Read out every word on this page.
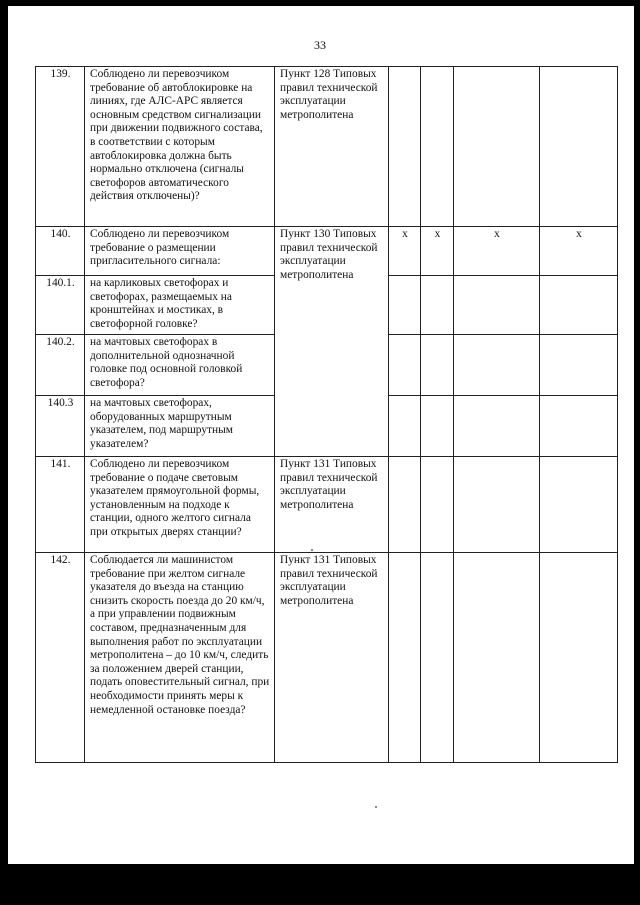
33
139.	Соблюдено ли перевозчиком требование об автоблокировке на линиях, где АЛС-АРС является основным средством сигнализации при движении подвижного состава, в соответствии с которым автоблокировка должна быть нормально отключена (сигналы светофоров автоматического действия отключены)?	Пункт 128 Типовых правил технической эксплуатации метрополитена				
140.	Соблюдено ли перевозчиком требование о размещении пригласительного сигнала:	Пункт 130 Типовых правил технической эксплуатации метрополитена	x	x	x	x
140.1.	на карликовых светофорах и светофорах, размещаемых на кронштейнах и мостиках, в светофорной головке?					
140.2.	на мачтовых светофорах в дополнительной однозначной головке под основной головкой светофора?					
140.3	на мачтовых светофорах, оборудованных маршрутным указателем, под маршрутным указателем?					
141.	Соблюдено ли перевозчиком требование о подаче световым указателем прямоугольной формы, установленным на подходе к станции, одного желтого сигнала при открытых дверях станции?	Пункт 131 Типовых правил технической эксплуатации метрополитена				
142.	Соблюдается ли машинистом требование при желтом сигнале указателя до въезда на станцию снизить скорость поезда до 20 км/ч, а при управлении подвижным составом, предназначенным для выполнения работ по эксплуатации метрополитена – до 10 км/ч, следить за положением дверей станции, подать оповестительный сигнал, при необходимости принять меры к немедленной остановке поезда?	Пункт 131 Типовых правил технической эксплуатации метрополитена				
